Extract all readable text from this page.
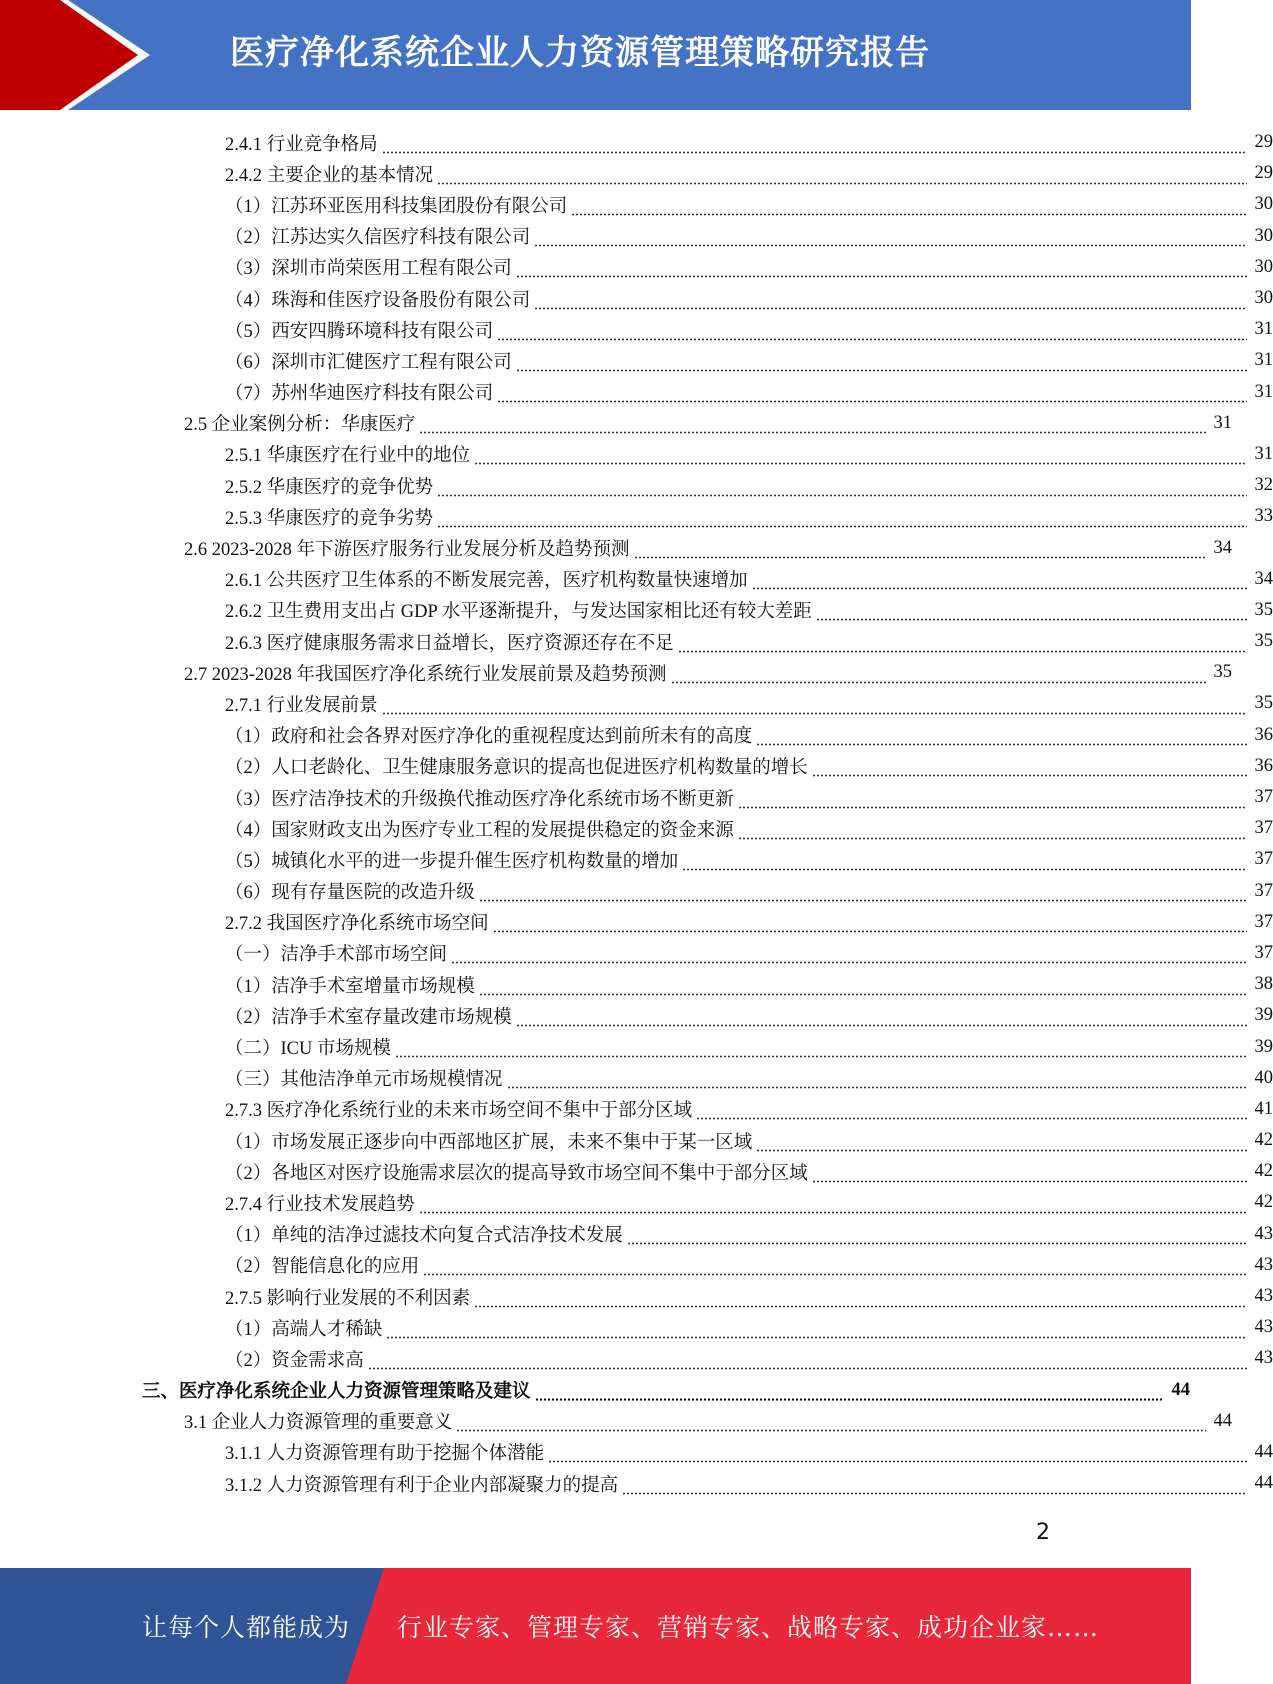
医疗净化系统企业人力资源管理策略研究报告
2.4.1 行业竞争格局	29
2.4.2 主要企业的基本情况	29
（1）江苏环亚医用科技集团股份有限公司	30
（2）江苏达实久信医疗科技有限公司	30
（3）深圳市尚荣医用工程有限公司	30
（4）珠海和佳医疗设备股份有限公司	30
（5）西安四腾环境科技有限公司	31
（6）深圳市汇健医疗工程有限公司	31
（7）苏州华迪医疗科技有限公司	31
2.5 企业案例分析：华康医疗	31
2.5.1 华康医疗在行业中的地位	31
2.5.2 华康医疗的竞争优势	32
2.5.3 华康医疗的竞争劣势	33
2.6 2023-2028 年下游医疗服务行业发展分析及趋势预测	34
2.6.1 公共医疗卫生体系的不断发展完善，医疗机构数量快速增加	34
2.6.2 卫生费用支出占 GDP 水平逐渐提升，与发达国家相比还有较大差距	35
2.6.3 医疗健康服务需求日益增长，医疗资源还存在不足	35
2.7 2023-2028 年我国医疗净化系统行业发展前景及趋势预测	35
2.7.1 行业发展前景	35
（1）政府和社会各界对医疗净化的重视程度达到前所未有的高度	36
（2）人口老龄化、卫生健康服务意识的提高也促进医疗机构数量的增长	36
（3）医疗洁净技术的升级换代推动医疗净化系统市场不断更新	37
（4）国家财政支出为医疗专业工程的发展提供稳定的资金来源	37
（5）城镇化水平的进一步提升催生医疗机构数量的增加	37
（6）现有存量医院的改造升级	37
2.7.2 我国医疗净化系统市场空间	37
（一）洁净手术部市场空间	37
（1）洁净手术室增量市场规模	38
（2）洁净手术室存量改建市场规模	39
（二）ICU 市场规模	39
（三）其他洁净单元市场规模情况	40
2.7.3 医疗净化系统行业的未来市场空间不集中于部分区域	41
（1）市场发展正逐步向中西部地区扩展，未来不集中于某一区域	42
（2）各地区对医疗设施需求层次的提高导致市场空间不集中于部分区域	42
2.7.4 行业技术发展趋势	42
（1）单纯的洁净过滤技术向复合式洁净技术发展	43
（2）智能信息化的应用	43
2.7.5 影响行业发展的不利因素	43
（1）高端人才稀缺	43
（2）资金需求高	43
三、医疗净化系统企业人力资源管理策略及建议	44
3.1 企业人力资源管理的重要意义	44
3.1.1 人力资源管理有助于挖掘个体潜能	44
3.1.2 人力资源管理有利于企业内部凝聚力的提高	44
2
让每个人都能成为 行业专家、管理专家、营销专家、战略专家、成功企业家……
